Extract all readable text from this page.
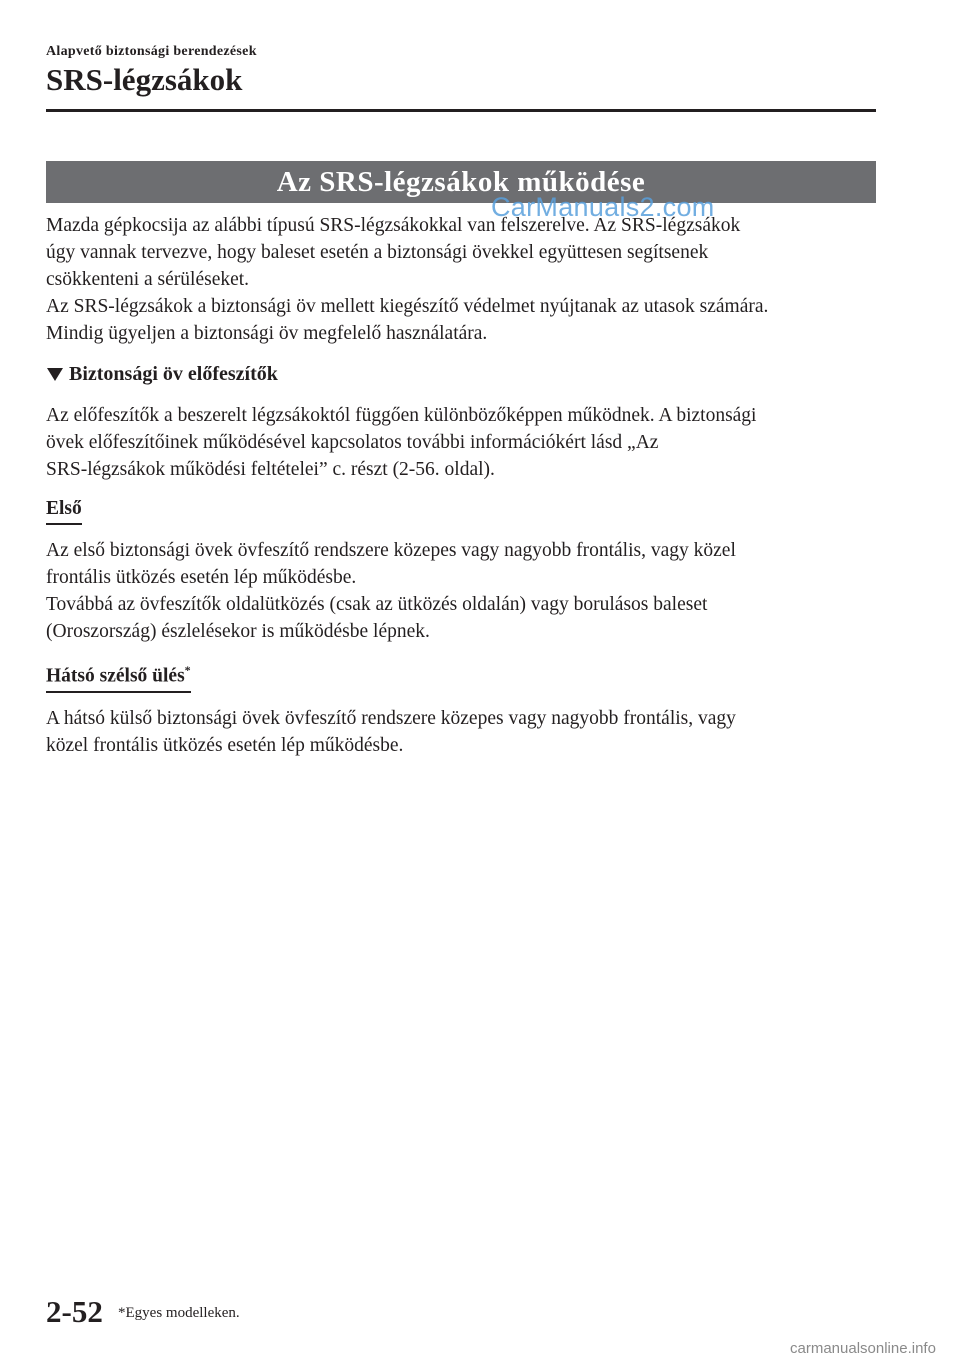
Alapvető biztonsági berendezések
SRS-légzsákok
Az SRS-légzsákok működése
CarManuals2.com

Mazda gépkocsija az alábbi típusú SRS-légzsákokkal van felszerelve. Az SRS-légzsákok

úgy vannak tervezve, hogy baleset esetén a biztonsági övekkel együttesen segítsenek

csökkenteni a sérüléseket.

Az SRS-légzsákok a biztonsági öv mellett kiegészítő védelmet nyújtanak az utasok számára.

Mindig ügyeljen a biztonsági öv megfelelő használatára.

Biztonsági öv előfeszítők

Az előfeszítők a beszerelt légzsákoktól függően különbözőképpen működnek. A biztonsági

övek előfeszítőinek működésével kapcsolatos további információkért lásd „Az

SRS-légzsákok működési feltételei” c. részt (2-56. oldal).

Első

Az első biztonsági övek övfeszítő rendszere közepes vagy nagyobb frontális, vagy közel

frontális ütközés esetén lép működésbe.

Továbbá az övfeszítők oldalütközés (csak az ütközés oldalán) vagy borulásos baleset

(Oroszország) észlelésekor is működésbe lépnek.

Hátsó szélső ülés*

A hátsó külső biztonsági övek övfeszítő rendszere közepes vagy nagyobb frontális, vagy

közel frontális ütközés esetén lép működésbe.

2-52 *Egyes modelleken.
carmanualsonline.info
